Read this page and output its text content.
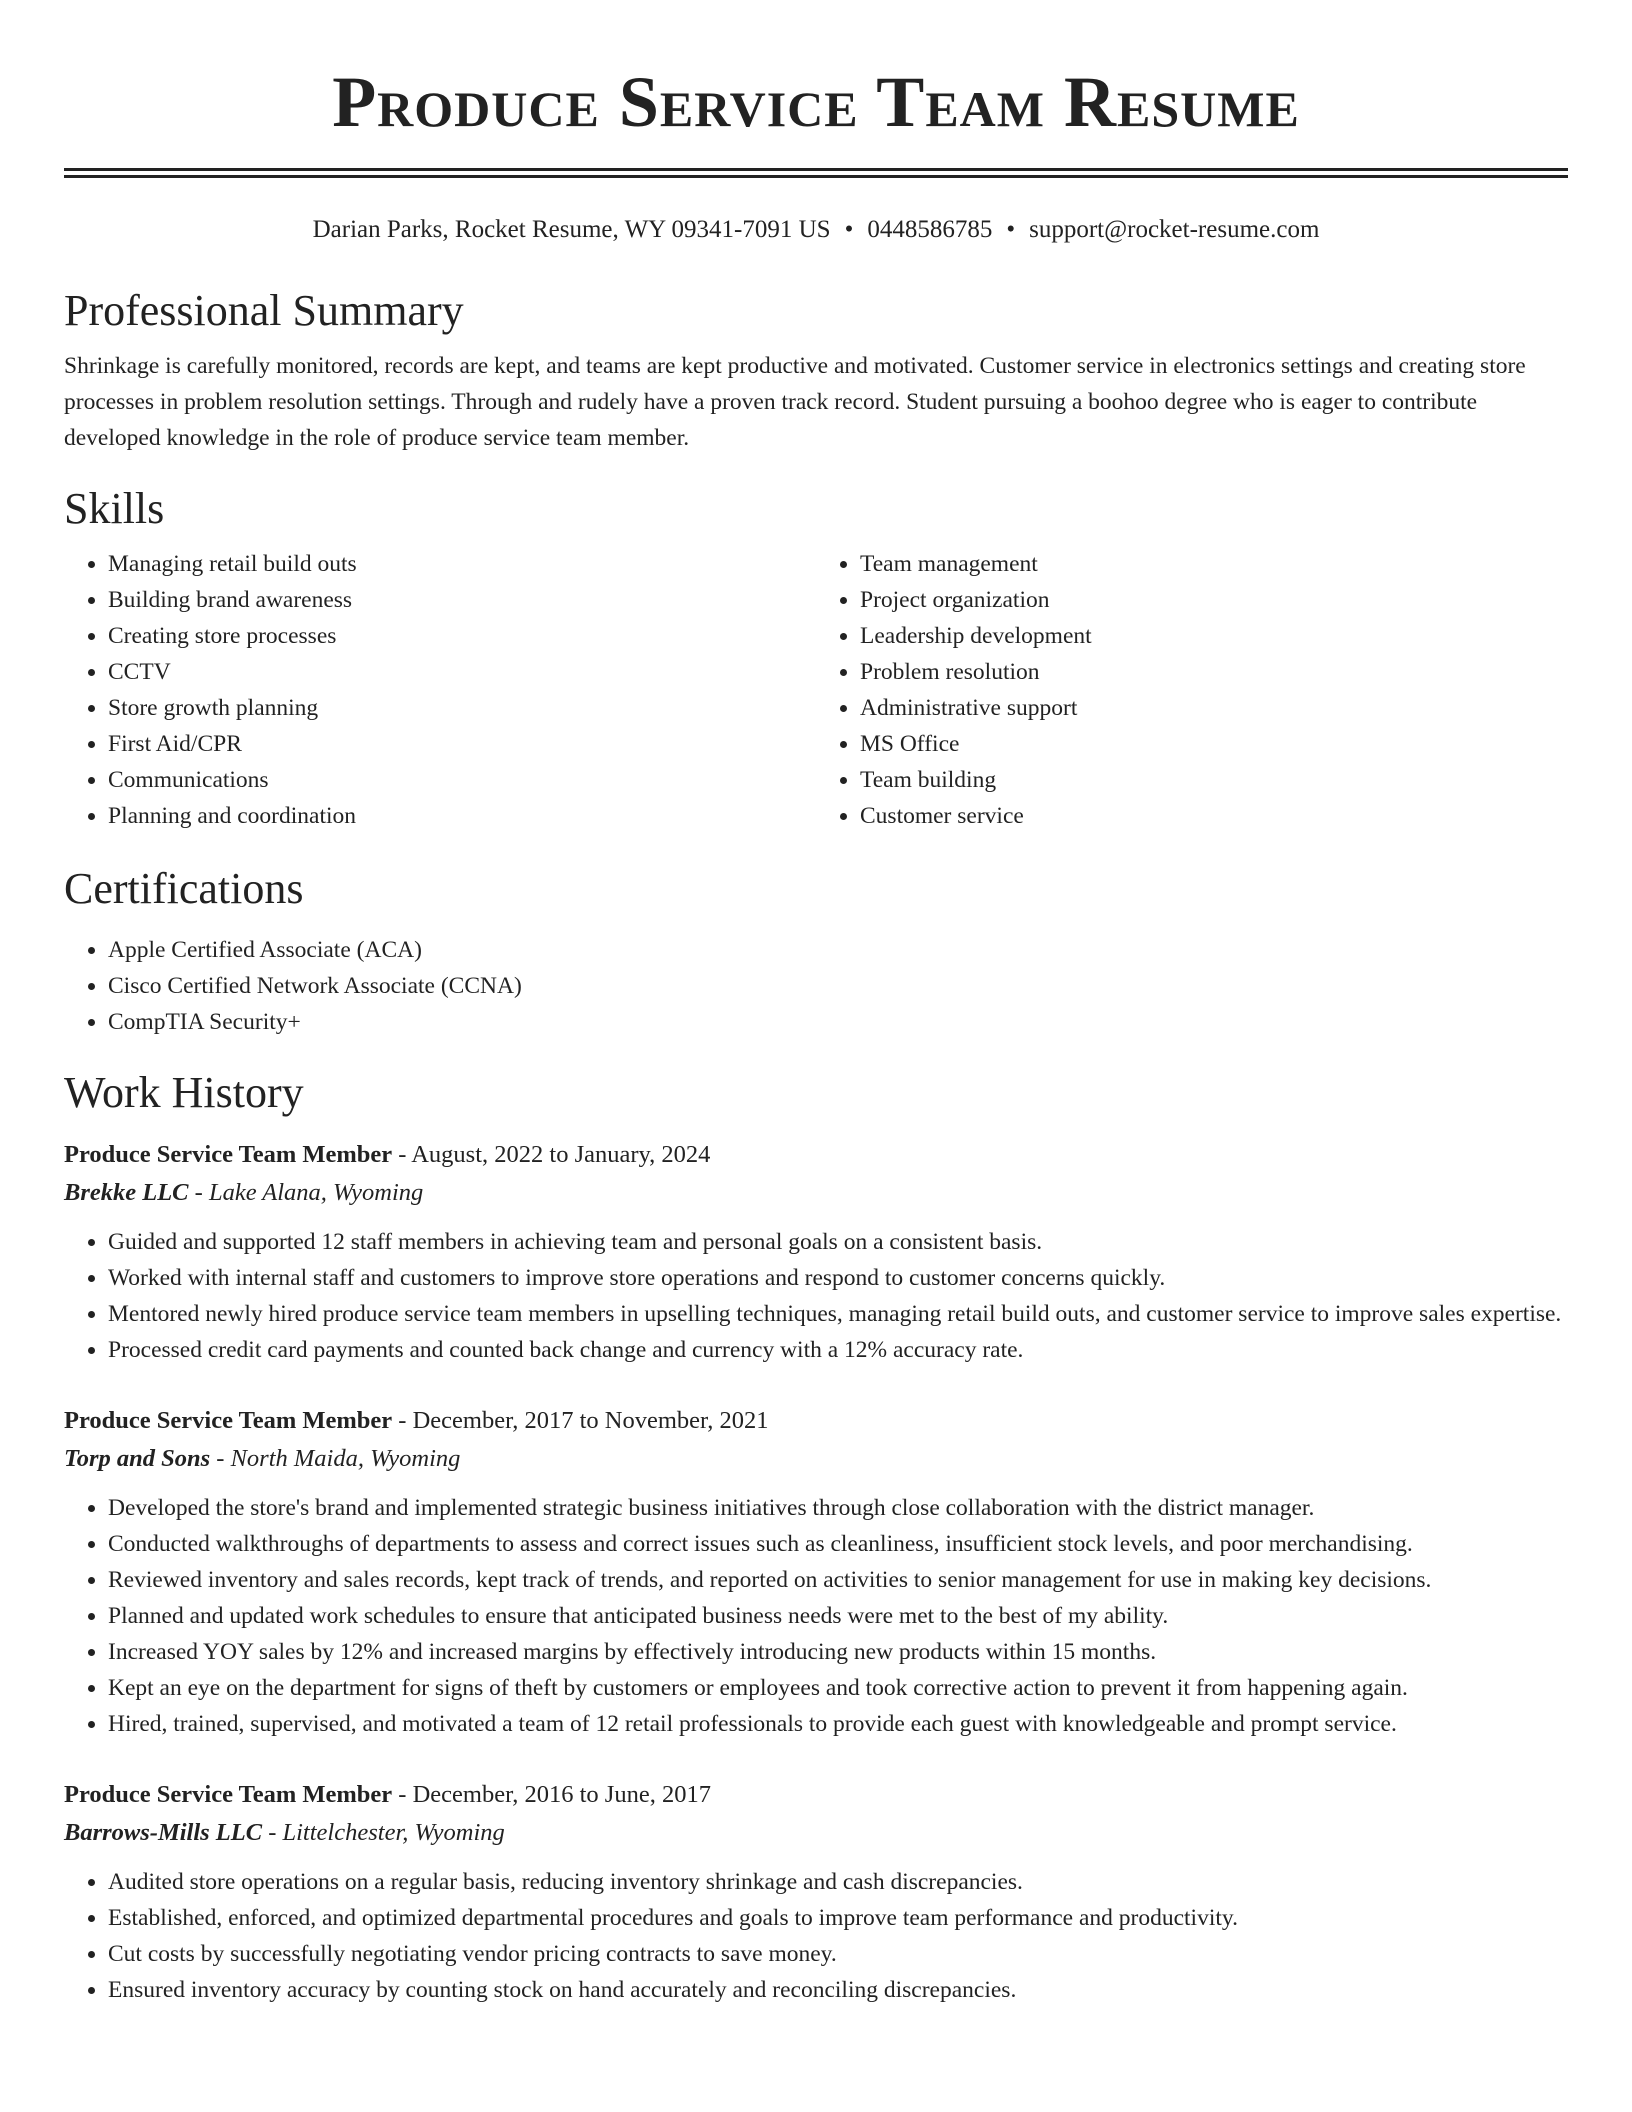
Produce Service Team Resume
Darian Parks, Rocket Resume, WY 09341-7091 US • 0448586785 • support@rocket-resume.com
Professional Summary

Shrinkage is carefully monitored, records are kept, and teams are kept productive and motivated. Customer service in electronics settings and creating store processes in problem resolution settings. Through and rudely have a proven track record. Student pursuing a boohoo degree who is eager to contribute developed knowledge in the role of produce service team member.

Skills
• Managing retail build outs
• Building brand awareness
• Creating store processes
• CCTV
• Store growth planning
• First Aid/CPR
• Communications
• Planning and coordination
• Team management
• Project organization
• Leadership development
• Problem resolution
• Administrative support
• MS Office
• Team building
• Customer service
Certifications
• Apple Certified Associate (ACA)
• Cisco Certified Network Associate (CCNA)
• CompTIA Security+
Work History
Produce Service Team Member - August, 2022 to January, 2024
Brekke LLC - Lake Alana, Wyoming
• Guided and supported 12 staff members in achieving team and personal goals on a consistent basis.
• Worked with internal staff and customers to improve store operations and respond to customer concerns quickly.
• Mentored newly hired produce service team members in upselling techniques, managing retail build outs, and customer service to improve sales expertise.
• Processed credit card payments and counted back change and currency with a 12% accuracy rate.
Produce Service Team Member - December, 2017 to November, 2021
Torp and Sons - North Maida, Wyoming
• Developed the store's brand and implemented strategic business initiatives through close collaboration with the district manager.
• Conducted walkthroughs of departments to assess and correct issues such as cleanliness, insufficient stock levels, and poor merchandising.
• Reviewed inventory and sales records, kept track of trends, and reported on activities to senior management for use in making key decisions.
• Planned and updated work schedules to ensure that anticipated business needs were met to the best of my ability.
• Increased YOY sales by 12% and increased margins by effectively introducing new products within 15 months.
• Kept an eye on the department for signs of theft by customers or employees and took corrective action to prevent it from happening again.
• Hired, trained, supervised, and motivated a team of 12 retail professionals to provide each guest with knowledgeable and prompt service.
Produce Service Team Member - December, 2016 to June, 2017
Barrows-Mills LLC - Littelchester, Wyoming
• Audited store operations on a regular basis, reducing inventory shrinkage and cash discrepancies.
• Established, enforced, and optimized departmental procedures and goals to improve team performance and productivity.
• Cut costs by successfully negotiating vendor pricing contracts to save money.
• Ensured inventory accuracy by counting stock on hand accurately and reconciling discrepancies.
